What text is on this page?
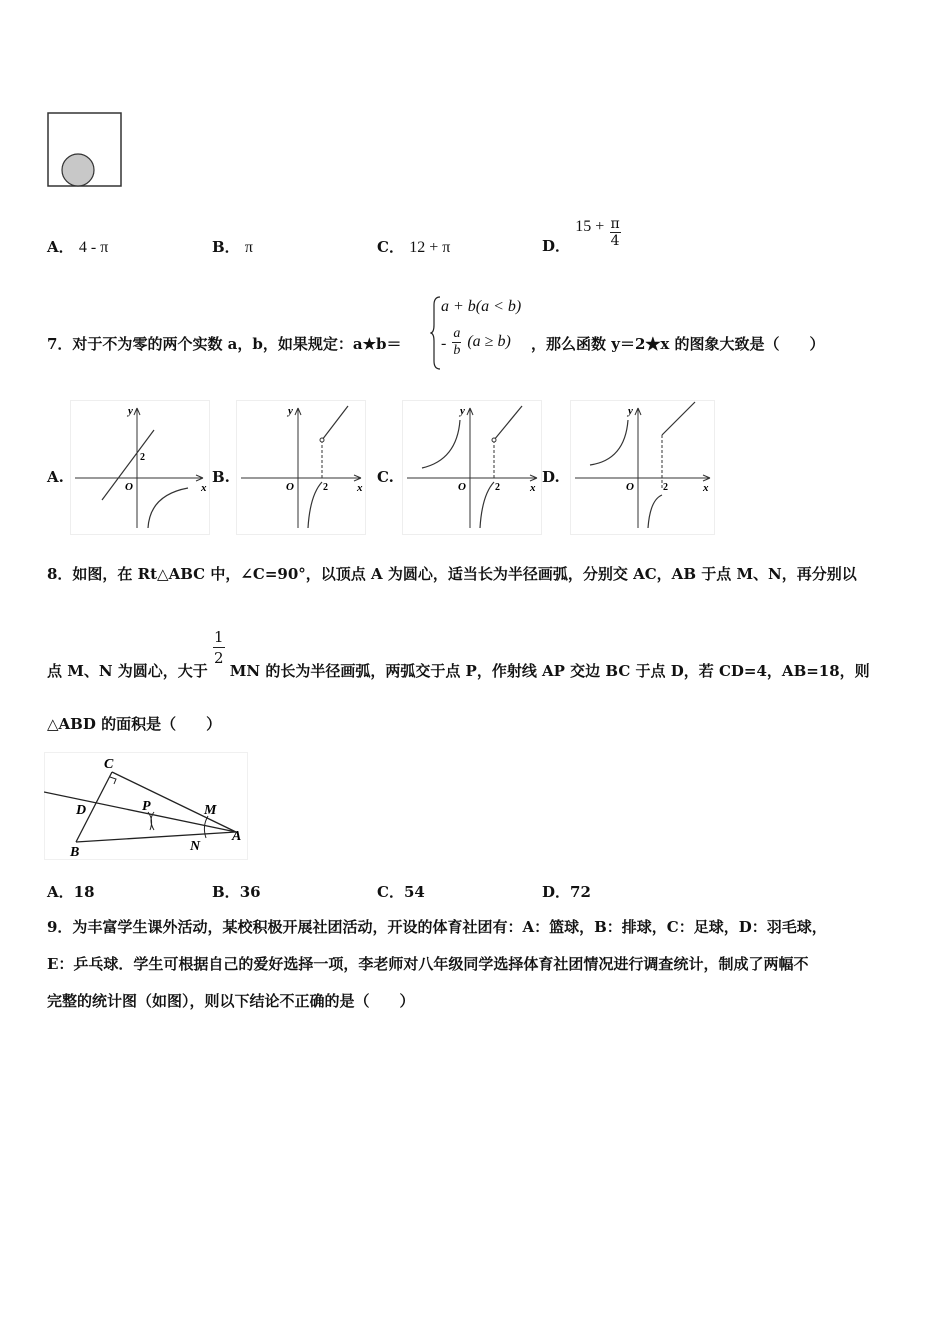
A． 4 - π	B． π	C． 12 + π	D． $15 + \frac{\pi}{4}$
7．对于不为零的两个实数 a，b，如果规定：a★b＝
a + b(a < b)
- $\frac{a}{b} (a \ge b)$ ，那么函数 y＝2★x 的图象大致是（　　）
A.	B.	C.	D.
x
y
O
2
x
y
O	2	x
y
O	2	x
y
O	2
8．如图，在 Rt△ABC 中，∠C=90°，以顶点 A 为圆心，适当长为半径画弧，分别交 AC，AB 于点 M、N，再分别以
点 M、N 为圆心，大于
$\frac{1}{2}$
MN 的长为半径画弧，两弧交于点 P，作射线 AP 交边 BC 于点 D，若 CD=4，AB=18，则
△ABD 的面积是（　　）
C
D	P	M
A
B	N
A．18	B．36	C．54	D．72
9．为丰富学生课外活动，某校积极开展社团活动，开设的体育社团有：A：篮球，B：排球，C：足球，D：羽毛球，
E：乒乓球．学生可根据自己的爱好选择一项，李老师对八年级同学选择体育社团情况进行调查统计，制成了两幅不
完整的统计图（如图），则以下结论不正确的是（　　）
